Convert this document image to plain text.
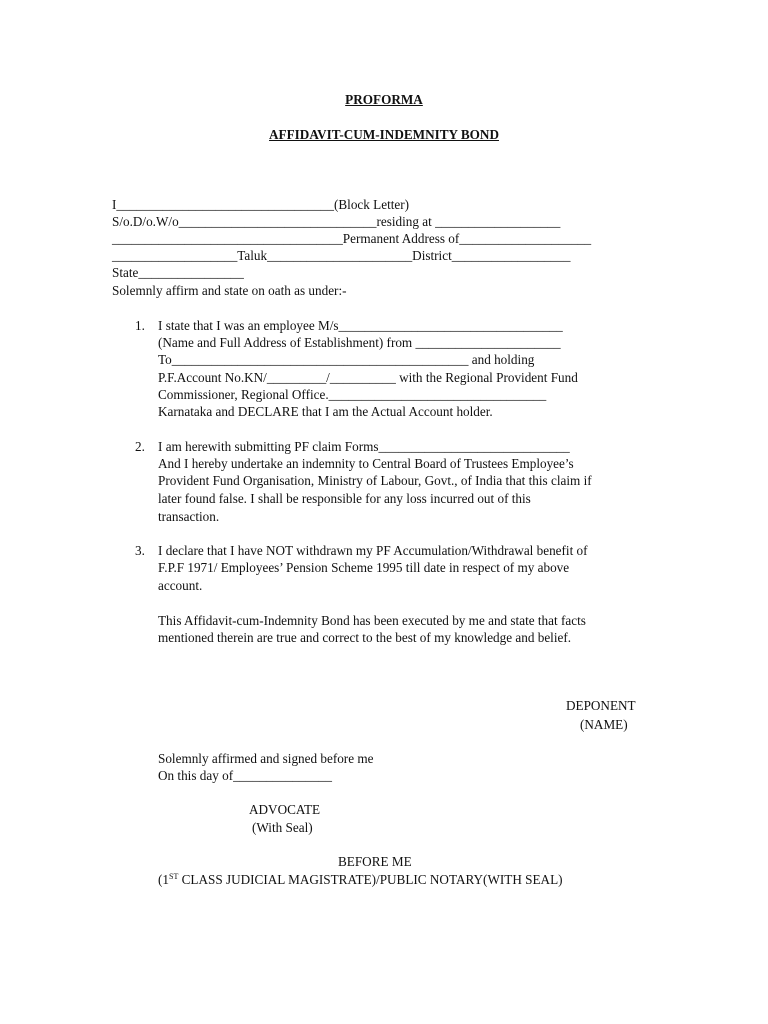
PROFORMA
AFFIDAVIT-CUM-INDEMNITY BOND
I_________________________________(Block Letter)
S/o.D/o.W/o______________________________residing at ___________________
___________________________________Permanent Address of____________________
___________________Taluk______________________District__________________
State________________
Solemnly affirm and state on oath as under:-
1. I state that I was an employee M/s__________________________________
(Name and Full Address of Establishment) from ______________________
To_____________________________________________ and holding
P.F.Account No.KN/_________/__________ with the Regional Provident Fund
Commissioner, Regional Office._________________________________
Karnataka and DECLARE that I am the Actual Account holder.
2. I am herewith submitting PF claim Forms_____________________________
And I hereby undertake an indemnity to Central Board of Trustees Employee’s
Provident Fund Organisation, Ministry of Labour, Govt., of India that this claim if
later found false. I shall be responsible for any loss incurred out of this
transaction.
3. I declare that I have NOT withdrawn my PF Accumulation/Withdrawal benefit of
F.P.F 1971/ Employees’ Pension Scheme 1995 till date in respect of my above
account.
This Affidavit-cum-Indemnity Bond has been executed by me and state that facts
mentioned therein are true and correct to the best of my knowledge and belief.
DEPONENT
(NAME)
Solemnly affirmed and signed before me
On this day of_______________
ADVOCATE
(With Seal)
BEFORE ME
(1ST CLASS JUDICIAL MAGISTRATE)/PUBLIC NOTARY(WITH SEAL)
